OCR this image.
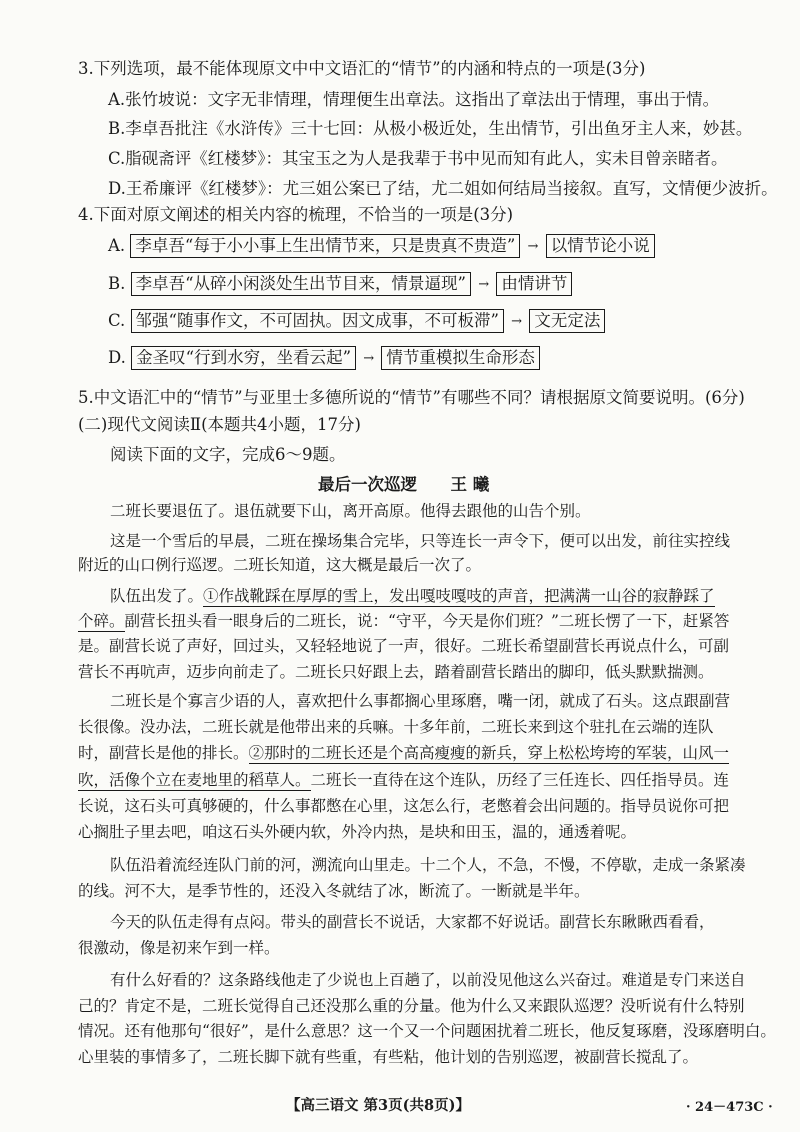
3.下列选项，最不能体现原文中中文语汇的“情节”的内涵和特点的一项是(3分)
A.张竹坡说：文字无非情理，情理便生出章法。这指出了章法出于情理，事出于情。
B.李卓吾批注《水浒传》三十七回：从极小极近处，生出情节，引出鱼牙主人来，妙甚。
C.脂砚斋评《红楼梦》：其宝玉之为人是我辈于书中见而知有此人，实未目曾亲睹者。
D.王希廉评《红楼梦》：尤三姐公案已了结，尤二姐如何结局当接叙。直写，文情便少波折。
4.下面对原文阐述的相关内容的梳理，不恰当的一项是(3分)
A. 李卓吾“每于小小事上生出情节来，只是贵真不贵造” → 以情节论小说
B. 李卓吾“从碎小闲淡处生出节目来，情景逼现” → 由情讲节
C. 邹强“随事作文，不可固执。因文成事，不可板滞” → 文无定法
D. 金圣叹“行到水穷，坐看云起” → 情节重模拟生命形态
5.中文语汇中的“情节”与亚里士多德所说的“情节”有哪些不同？请根据原文简要说明。(6分)
(二)现代文阅读Ⅱ(本题共4小题，17分)
阅读下面的文字，完成6～9题。
最后一次巡逻 王 曦
二班长要退伍了。退伍就要下山，离开高原。他得去跟他的山告个别。
这是一个雪后的早晨，二班在操场集合完毕，只等连长一声令下，便可以出发，前往实控线
附近的山口例行巡逻。二班长知道，这大概是最后一次了。
队伍出发了。①作战靴踩在厚厚的雪上，发出嘎吱嘎吱的声音，把满满一山谷的寂静踩了
个碎。副营长扭头看一眼身后的二班长，说：“守平，今天是你们班？”二班长愣了一下，赶紧答
是。副营长说了声好，回过头，又轻轻地说了一声，很好。二班长希望副营长再说点什么，可副
营长不再吭声，迈步向前走了。二班长只好跟上去，踏着副营长踏出的脚印，低头默默揣测。
二班长是个寡言少语的人，喜欢把什么事都搁心里琢磨，嘴一闭，就成了石头。这点跟副营
长很像。没办法，二班长就是他带出来的兵嘛。十多年前，二班长来到这个驻扎在云端的连队
时，副营长是他的排长。②那时的二班长还是个高高瘦瘦的新兵，穿上松松垮垮的军装，山风一
吹，活像个立在麦地里的稻草人。二班长一直待在这个连队，历经了三任连长、四任指导员。连
长说，这石头可真够硬的，什么事都憋在心里，这怎么行，老憋着会出问题的。指导员说你可把
心搁肚子里去吧，咱这石头外硬内软，外冷内热，是块和田玉，温的，通透着呢。
队伍沿着流经连队门前的河，溯流向山里走。十二个人，不急，不慢，不停歇，走成一条紧凑
的线。河不大，是季节性的，还没入冬就结了冰，断流了。一断就是半年。
今天的队伍走得有点闷。带头的副营长不说话，大家都不好说话。副营长东瞅瞅西看看，
很激动，像是初来乍到一样。
有什么好看的？这条路线他走了少说也上百趟了，以前没见他这么兴奋过。难道是专门来送自
己的？肯定不是，二班长觉得自己还没那么重的分量。他为什么又来跟队巡逻？没听说有什么特别
情况。还有他那句“很好”，是什么意思？这一个又一个问题困扰着二班长，他反复琢磨，没琢磨明白。
心里装的事情多了，二班长脚下就有些重，有些粘，他计划的告别巡逻，被副营长搅乱了。
【高三语文 第3页(共8页)】	· 24－473C ·
